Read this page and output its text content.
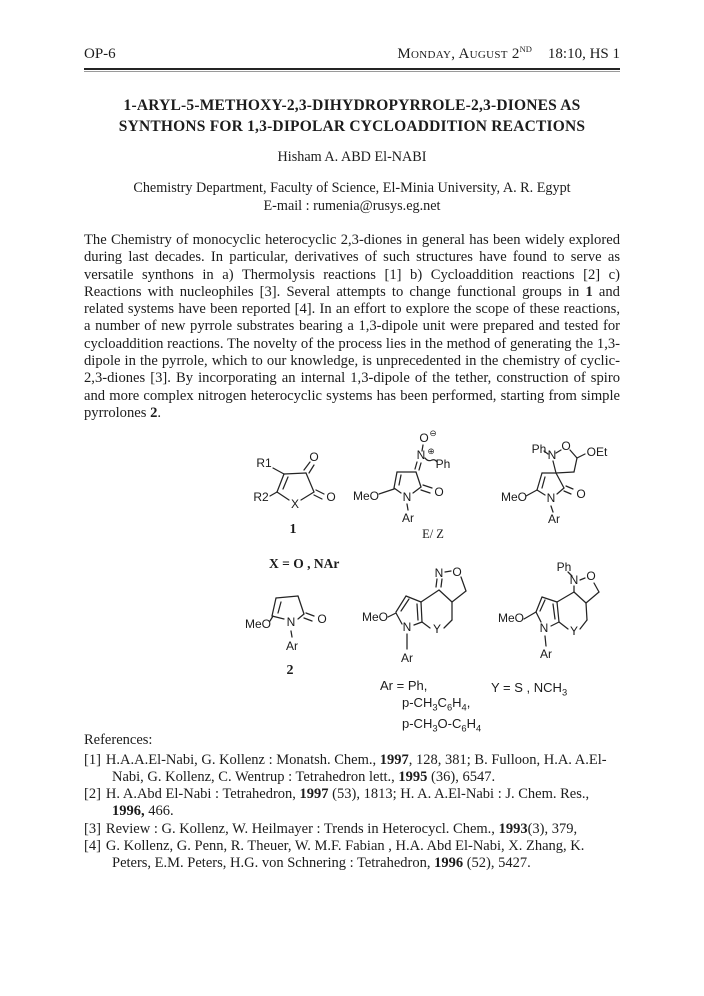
OP-6	Monday, August 2ND 18:10, HS 1
1-ARYL-5-METHOXY-2,3-DIHYDROPYRROLE-2,3-DIONES AS
SYNTHONS FOR 1,3-DIPOLAR CYCLOADDITION REACTIONS
Hisham A. ABD El-NABI
Chemistry Department, Faculty of Science, El-Minia University, A. R. Egypt
E-mail : rumenia@rusys.eg.net
The Chemistry of monocyclic heterocyclic 2,3-diones in general has been widely explored during last decades. In particular, derivatives of such structures have found to serve as versatile synthons in a) Thermolysis reactions [1] b) Cycloaddition reactions [2] c) Reactions with nucleophiles [3]. Several attempts to change functional groups in 1 and related systems have been reported [4]. In an effort to explore the scope of these reactions, a number of new pyrrole substrates bearing a 1,3-dipole unit were prepared and tested for cycloaddition reactions. The novelty of the process lies in the method of generating the 1,3-dipole in the pyrrole, which to our knowledge, is unprecedented in the chemistry of cyclic-2,3-diones [3]. By incorporating an internal 1,3-dipole of the tether, construction of spiro and more complex nitrogen heterocyclic systems has been performed, starting from simple pyrrolones 2.
R1
R2
O
O
X
1
O ⊖
N ⊕
Ph
MeO	O
N
Ar
E/ Z
Ph N
O OEt
MeO N O
Ar
X = O , NAr
MeO N O
Ar
2
N O
MeO
N Y
Ar
Ph
N O
MeO
N Y
Ar
Ar = Ph,
$p-CH_3C_6H_4$,
$p-CH_3O-C_6H_4$
Y = S , $NCH_3$
References:
[1] H.A.A.El-Nabi, G. Kollenz : Monatsh. Chem., 1997, 128, 381; B. Fulloon, H.A. A.El-Nabi, G. Kollenz, C. Wentrup : Tetrahedron lett., 1995 (36), 6547.
[2] H. A.Abd El-Nabi : Tetrahedron, 1997 (53), 1813; H. A. A.El-Nabi : J. Chem. Res., 1996, 466.
[3] Review : G. Kollenz, W. Heilmayer : Trends in Heterocycl. Chem., 1993(3), 379,
[4] G. Kollenz, G. Penn, R. Theuer, W. M.F. Fabian , H.A. Abd El-Nabi, X. Zhang, K. Peters, E.M. Peters, H.G. von Schnering : Tetrahedron, 1996 (52), 5427.
